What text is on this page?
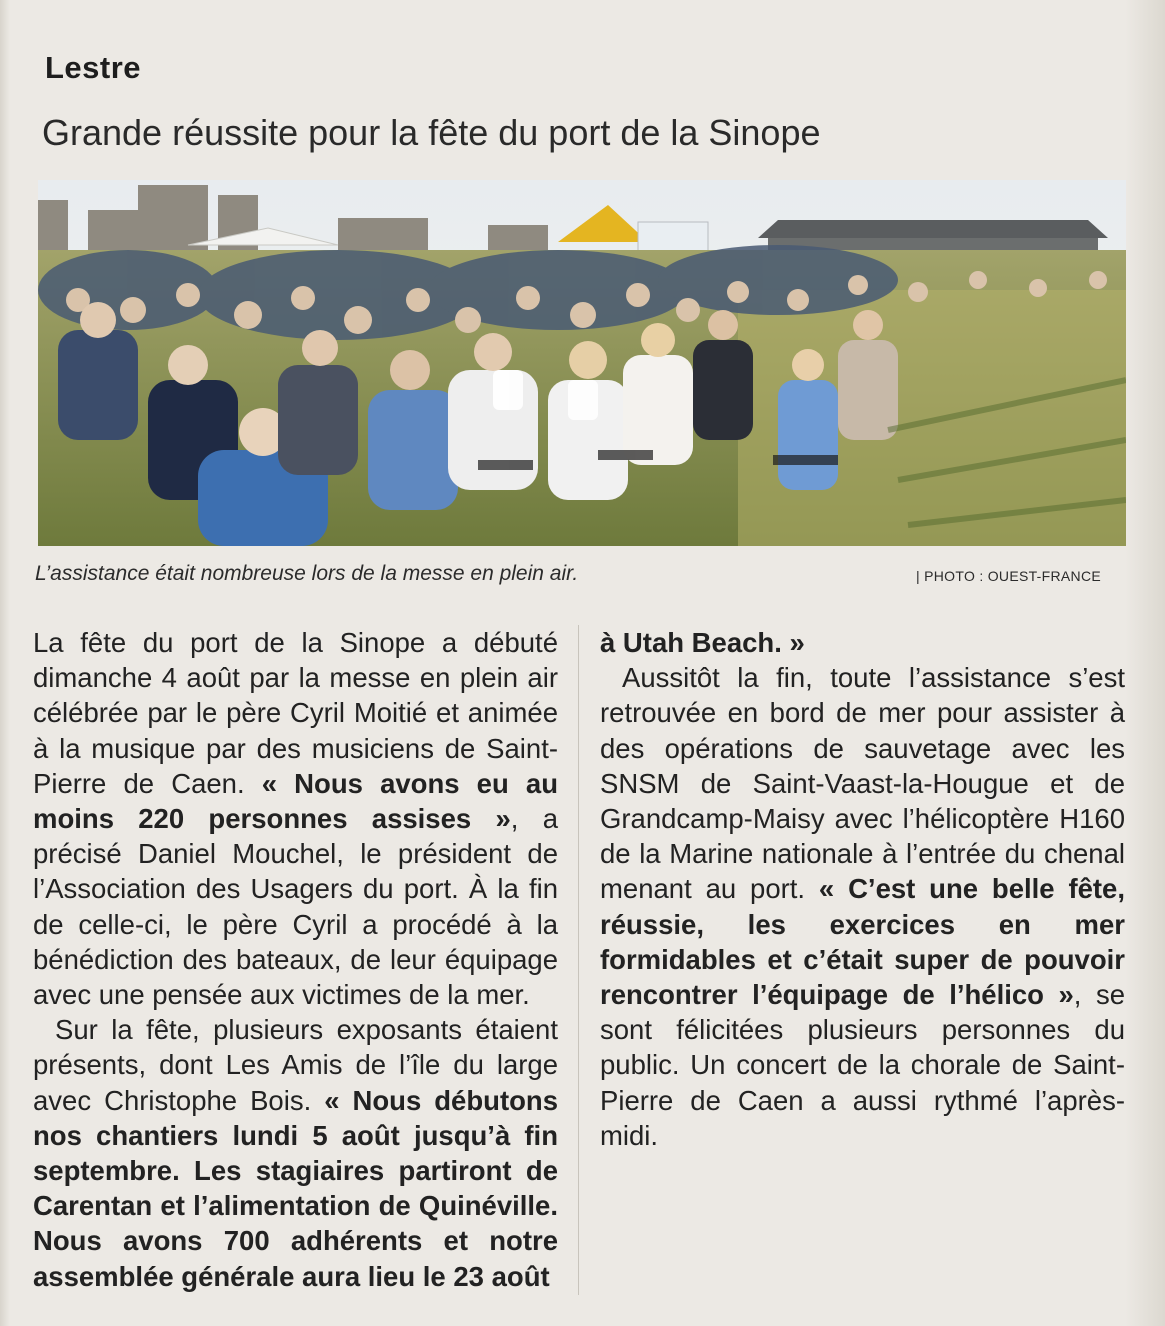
Lestre
Grande réussite pour la fête du port de la Sinope
L’assistance était nombreuse lors de la messe en plein air.	| PHOTO : OUEST-FRANCE

La fête du port de la Sinope a débuté dimanche 4 août par la messe en plein air célébrée par le père Cyril Moitié et animée à la musique par des musiciens de Saint-Pierre de Caen. « Nous avons eu au moins 220 personnes assises », a précisé Daniel Mouchel, le président de l’Association des Usagers du port. À la fin de celle-ci, le père Cyril a procédé à la bénédiction des bateaux, de leur équipage avec une pensée aux victimes de la mer.

Sur la fête, plusieurs exposants étaient présents, dont Les Amis de l’île du large avec Christophe Bois. « Nous débutons nos chantiers lundi 5 août jusqu’à fin septembre. Les stagiaires partiront de Carentan et l’alimentation de Quinéville. Nous avons 700 adhérents et notre assemblée générale aura lieu le 23 août

à Utah Beach. »

Aussitôt la fin, toute l’assistance s’est retrouvée en bord de mer pour assister à des opérations de sauvetage avec les SNSM de Saint-Vaast-la-Hougue et de Grandcamp-Maisy avec l’hélicoptère H160 de la Marine nationale à l’entrée du chenal menant au port. « C’est une belle fête, réussie, les exercices en mer formidables et c’était super de pouvoir rencontrer l’équipage de l’hélico », se sont félicitées plusieurs personnes du public. Un concert de la chorale de Saint-Pierre de Caen a aussi rythmé l’après-midi.
